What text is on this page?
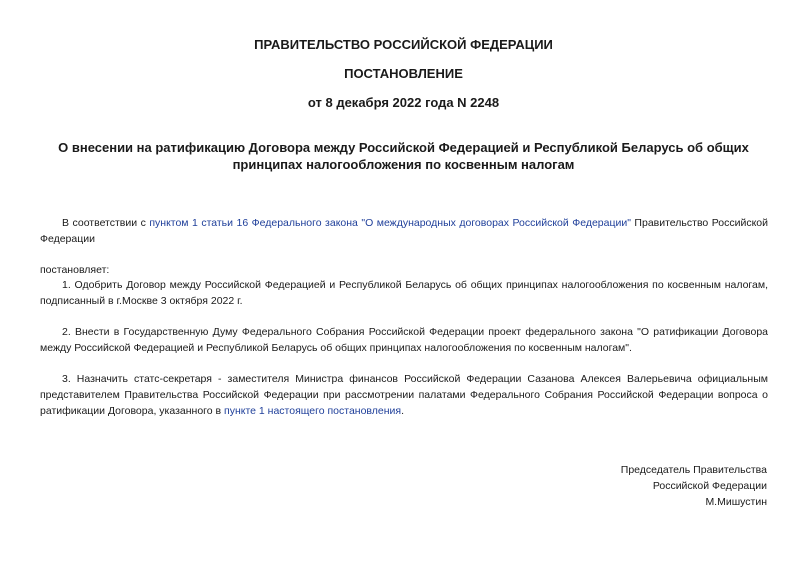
ПРАВИТЕЛЬСТВО РОССИЙСКОЙ ФЕДЕРАЦИИ

ПОСТАНОВЛЕНИЕ

от 8 декабря 2022 года N 2248

О внесении на ратификацию Договора между Российской Федерацией и Республикой Беларусь об общих принципах налогообложения по косвенным налогам

В соответствии с пунктом 1 статьи 16 Федерального закона "О международных договорах Российской Федерации" Правительство Российской Федерации

постановляет:

1. Одобрить Договор между Российской Федерацией и Республикой Беларусь об общих принципах налогообложения по косвенным налогам, подписанный в г.Москве 3 октября 2022 г.

2. Внести в Государственную Думу Федерального Собрания Российской Федерации проект федерального закона "О ратификации Договора между Российской Федерацией и Республикой Беларусь об общих принципах налогообложения по косвенным налогам".

3. Назначить статс-секретаря - заместителя Министра финансов Российской Федерации Сазанова Алексея Валерьевича официальным представителем Правительства Российской Федерации при рассмотрении палатами Федерального Собрания Российской Федерации вопроса о ратификации Договора, указанного в пункте 1 настоящего постановления.

Председатель Правительства
Российской Федерации
М.Мишустин
